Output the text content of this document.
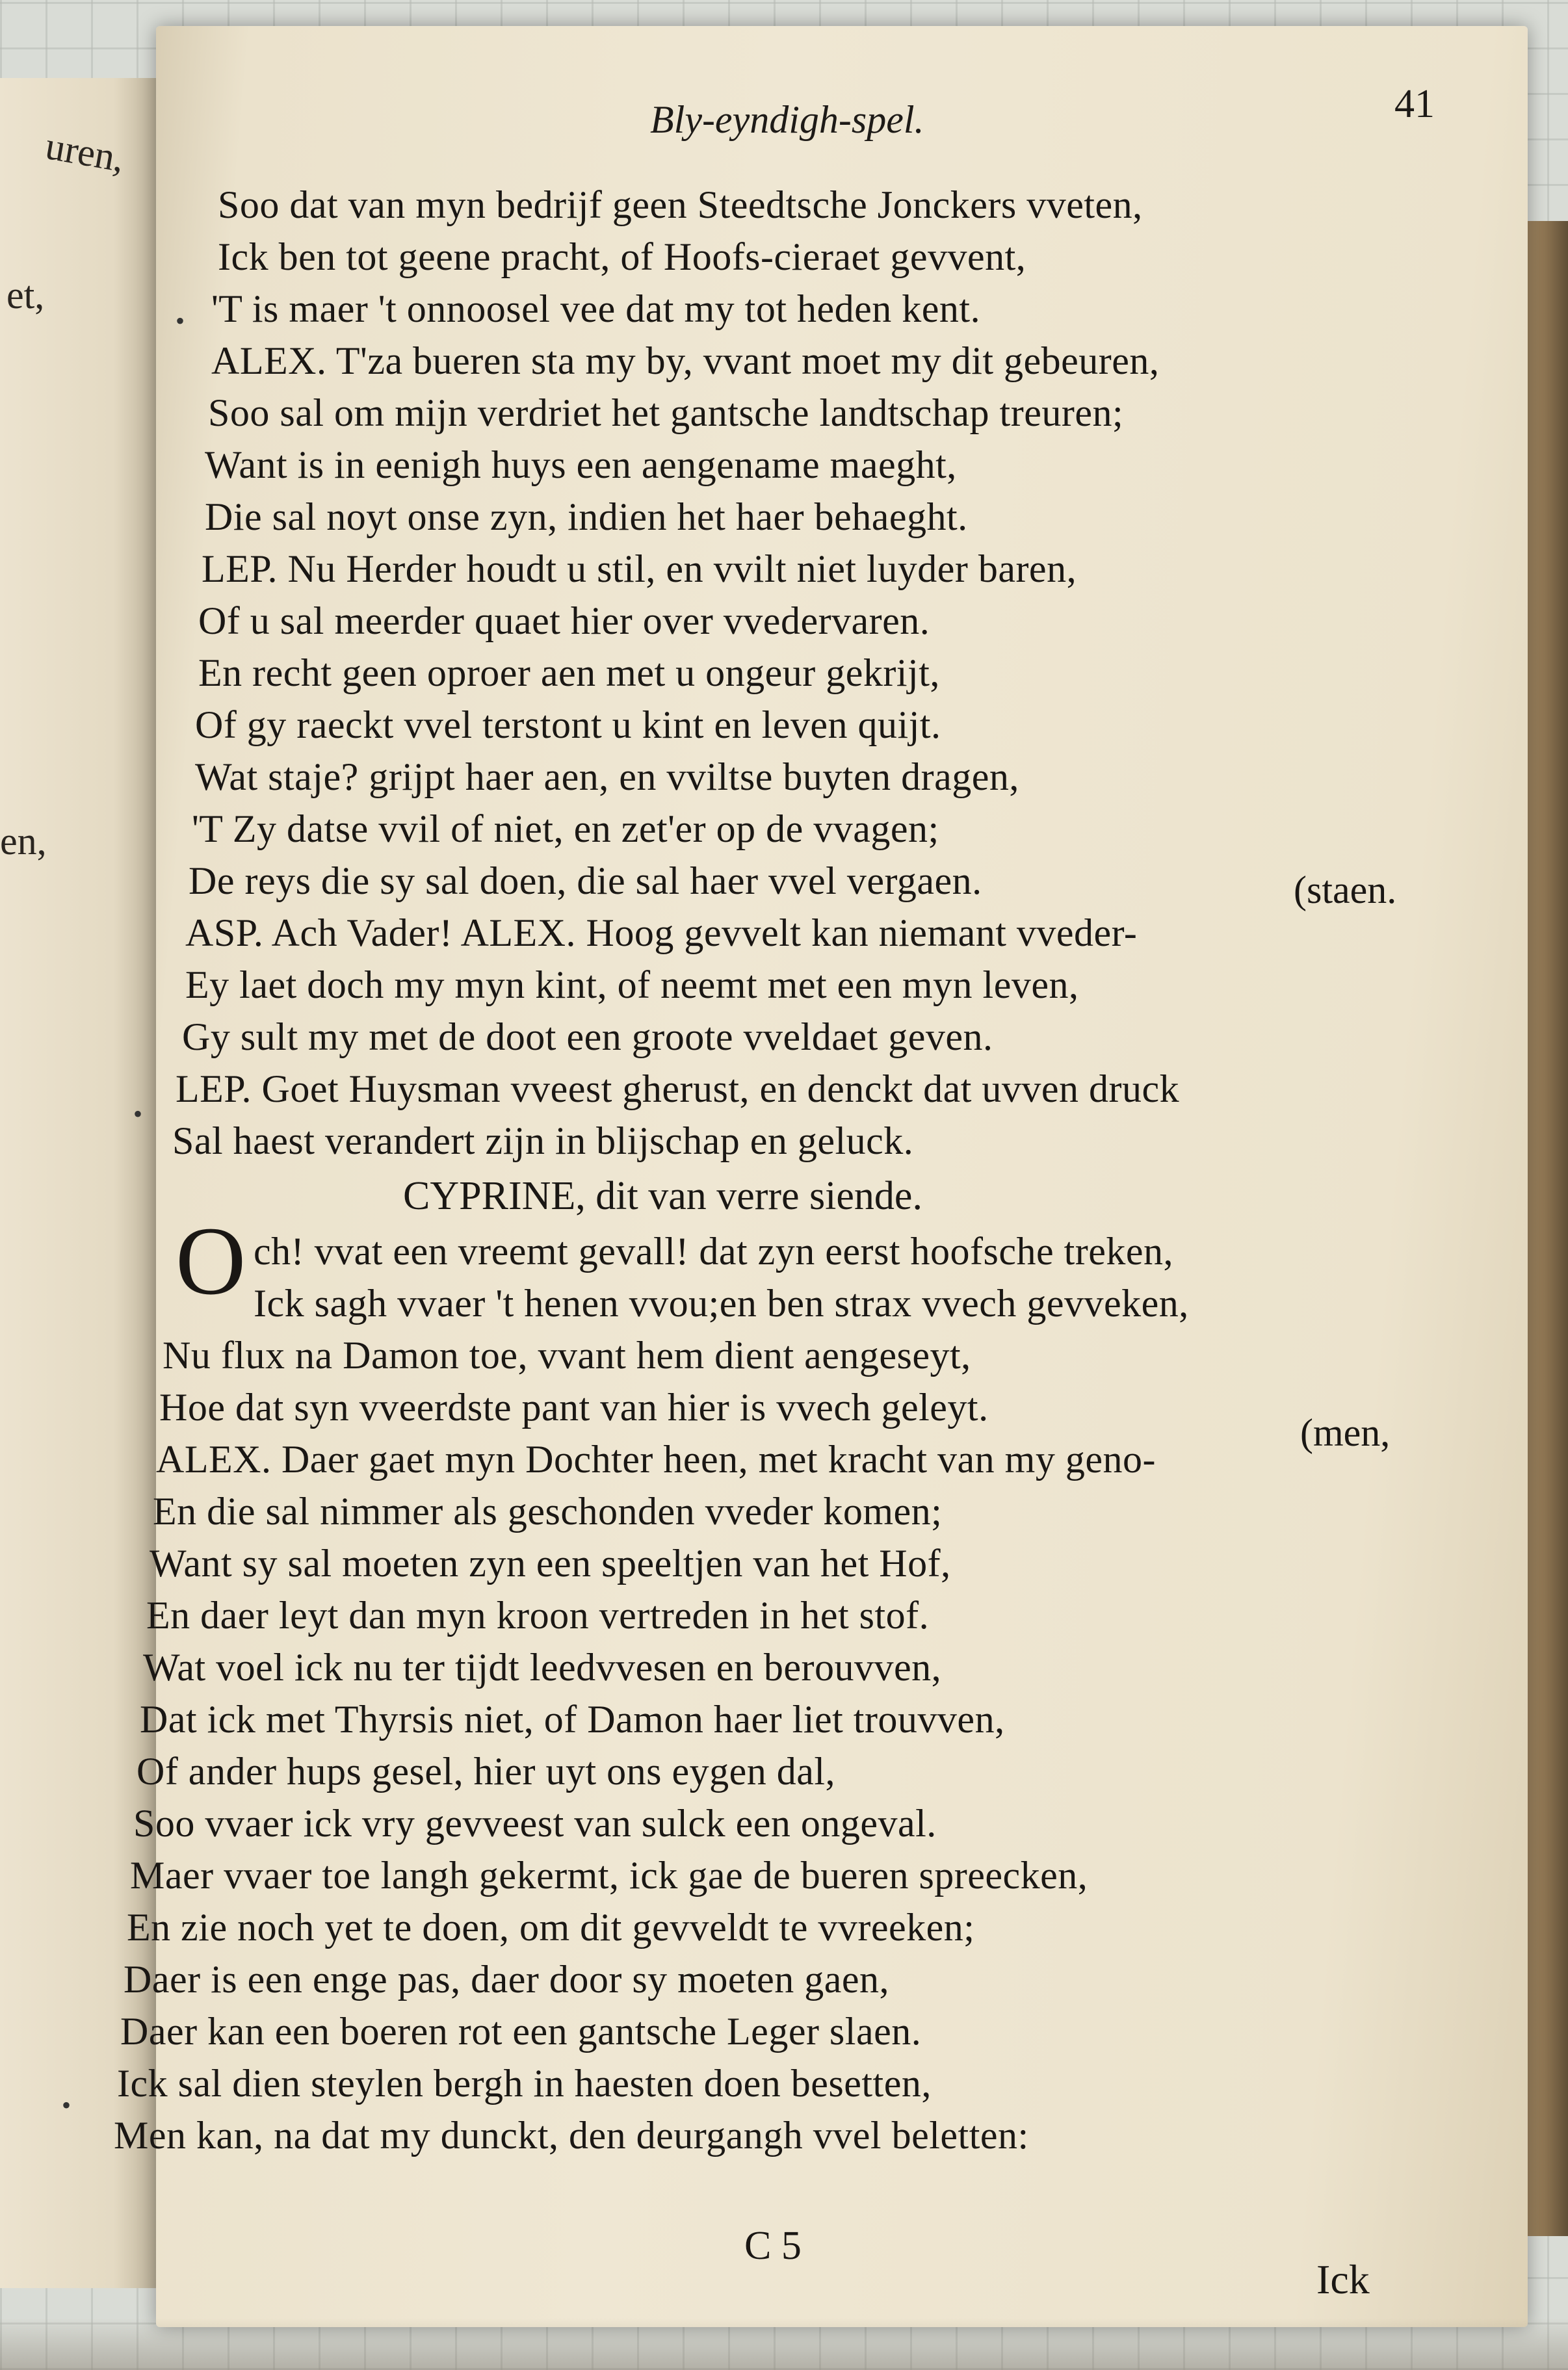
uren,
et,
en,
Bly-eyndigh-spel.	41
Soo dat van myn bedrijf geen Steedtsche Jonckers vveten,
Ick ben tot geene pracht, of Hoofs-cieraet gevvent,
'T is maer 't onnoosel vee dat my tot heden kent.
ALEX. T'za bueren sta my by, vvant moet my dit gebeuren,
Soo sal om mijn verdriet het gantsche landtschap treuren;
Want is in eenigh huys een aengename maeght,
Die sal noyt onse zyn, indien het haer behaeght.
LEP. Nu Herder houdt u stil, en vvilt niet luyder baren,
Of u sal meerder quaet hier over vvedervaren.
En recht geen oproer aen met u ongeur gekrijt,
Of gy raeckt vvel terstont u kint en leven quijt.
Wat staje? grijpt haer aen, en vviltse buyten dragen,
'T Zy datse vvil of niet, en zet'er op de vvagen;
De reys die sy sal doen, die sal haer vvel vergaen.
ASP. Ach Vader! ALEX. Hoog gevvelt kan niemant vveder-
Ey laet doch my myn kint, of neemt met een myn leven,
Gy sult my met de doot een groote vveldaet geven.
LEP. Goet Huysman vveest gherust, en denckt dat uvven druck
Sal haest verandert zijn in blijschap en geluck.
(staen.
CYPRINE, dit van verre siende.
O ch! vvat een vreemt gevall! dat zyn eerst hoofsche treken,
Ick sagh vvaer 't henen vvou;en ben strax vvech gevveken,
Nu flux na Damon toe, vvant hem dient aengeseyt,
Hoe dat syn vveerdste pant van hier is vvech geleyt.
ALEX. Daer gaet myn Dochter heen, met kracht van my geno-
En die sal nimmer als geschonden vveder komen;
Want sy sal moeten zyn een speeltjen van het Hof,
En daer leyt dan myn kroon vertreden in het stof.
Wat voel ick nu ter tijdt leedvvesen en berouvven,
Dat ick met Thyrsis niet, of Damon haer liet trouvven,
Of ander hups gesel, hier uyt ons eygen dal,
Soo vvaer ick vry gevveest van sulck een ongeval.
Maer vvaer toe langh gekermt, ick gae de bueren spreecken,
En zie noch yet te doen, om dit gevveldt te vvreeken;
Daer is een enge pas, daer door sy moeten gaen,
Daer kan een boeren rot een gantsche Leger slaen.
Ick sal dien steylen bergh in haesten doen besetten,
Men kan, na dat my dunckt, den deurgangh vvel beletten:
(men,
C 5
Ick
•
•
•
